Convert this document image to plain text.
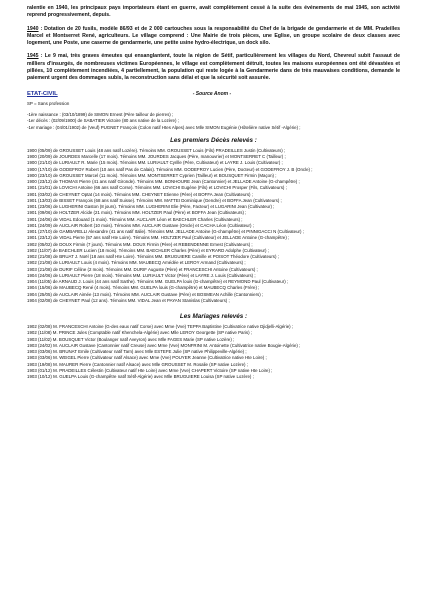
ralentie en 1940, les principaux pays importateurs étant en guerre, avait complètement cessé à la suite des événements de mai 1945, son activité reprend progressivement, depuis.

1940 : Dotation de 20 fusils, modèle 86/93 et de 2 000 cartouches sous la responsabilité du Chef de la brigade de gendarmerie et de MM. Pradeilles Marcel et Montserret René, agriculteurs. Le village comprend : Une Mairie de trois pièces, une Eglise, un groupe scolaire de deux classes avec logement, une Poste, une caserne de gendarmerie, une petite usine hydro-électrique, un dock silo.

1945 : Le 9 mai, très graves émeutes qui ensanglantent, toute la région de Sétif, particulièrement les villages du Nord, Chevreul subit l'assaut de milliers d'insurgés, de nombreuses victimes Européennes, le village est complètement détruit, toutes les maisons européennes ont été dévastées et pillées, 10 complètement incendiées, 4 partiellement, la population qui reste logée à la Gendarmerie dans de très mauvaises conditions, demande le paiement urgent des dommages subis, la reconstruction sans délai et que la sécurité soit assurée.

ETAT-CIVIL	- Source Anom -

SP = Sans profession

-1ère naissance : (03/10/1899) de SIMON Ernest (Père tailleur de pierres) ;

-1er décès : (02/09/1900) de SABATIER Victoire (80 ans native de la Lozère) ;

-1er mariage : (04/01/1902) de (Veuf) PUGNET François (Colon natif Htes Alpes) avec Mlle SIMON Eugénie (Hôtelière native Sétif -Algérie) ;

Les premiers Décès relevés :

1900 (05/09) de GROUSSET Louis (48 ans natif Lozère). Témoins MM. GROUSSET Louis (Fils) PRADEILLES Justin (Cultivateurs) ;

1900 (20/09) de JOURDES Marcelle (17 mois). Témoins MM. JOURDES Jacques (Père, manouvrier) et MONTSERRET C (Tailleur) ;

1900 (21/10) de LURIAULT R. Marie (15 mois). Témoins MM. LURIAULT Cyrille (Père, Cultivateur) et LAYRE J. Louis (Cultivateur) ;

1900 (17/10) de GODEFROY Robert (10 ans natif Pas de Calais). Témoins MM. GODEFROY Lucien (Père, Docteur) et GODEFROY J. B (Oncle) ;

1900 (23/10) de GROUSSET Marcel (11 mois). Témoins MM. MONTSERRET Cyprien (Tailleur) et BOUSQUET Firmin (Maçon) ;

1900 (23/12) de THOMAS Pierre (41 ans natif Gironde). Témoins MM. BONHOURE Jean (Cantonnier) et JELLADE Antoine (G-champêtre) ;

1901 (21/01) de LOVICHI Antoine (66 ans natif Corse). Témoins MM. LOVICHI Eugène (Fils) et LOVICHI Prosper (Fils, Cultivateurs) ;

1901 (03/02) de CHEYNET Optat (14 mois). Témoins MM. CHEYNET Etienne (Père) et BOFFA Jean (Cultivateurs) ;

1901 (13/03) de BISSET François (68 ans natif Suisse). Témoins MM. MATTEI Dominique (Gendre) et BOFFA Jean (Cultivateurs) ;

1901 (23/06) de LUGHERINI Gaston (8 jours). Témoins MM. LUGHERINI Elie (Père, Facteur) et LUGARINI Jean (Cultivateur) ;

1901 (09/06) de HOLTZER Alcide (21 mois). Témoins MM. HOLTZER Paul (Père) et BOFFA Jean (Cultivateurs) ;

1901 (24/06) de VIDAL Edouard (1 mois). Témoins MM. AUCLAIR Léon et BAECHLER Charles (Cultivateurs) ;

1901 (24/09) de AUCLAIR Robert (10 mois). Témoins MM. AUCLAIR Gustave (Oncle) et CACHA Léon (Cultivateur) ;

1901 (27/10) de GAMBARELLI Alexandre (41 ans natif Italie). Témoins MM. JELLADE Antoine (G-champêtre) et PINNIGACCI N (Cultivateur) ;

1901 (23/12) de VIDAL Pierre (57 ans natif Hte Loire). Témoins MM. HOLTZER Paul (Cultivateur) et JELLADE Antoine (G-champêtre) ;

1902 (05/02) de DOUX Firmin (7 jours). Témoins MM. DOUX Firmin (Père) et REBENDENNE Ernest (Cultivateurs) ;

1902 (11/07) de BAECHLER Lucien (18 mois). Témoins MM. BAECHLER Charles (Père) et EYRARD Adolphe (Cultivateur) ;

1902 (21/08) de BRUAT J. Noël (18 ans natif Hte Loire). Témoins MM. BRUGUIERE Camille et POISOT Théodore (Cultivateurs) ;

1902 (21/08) de LURIAULT Louis (4 mois). Témoins MM. MAUBECQ Amédée et LEROY Armand (Cultivateurs) ;

1903 (21/08) de DURIF Céline (2 mois). Témoins MM. DURIF Auguste (Père) et FRANCESCHI Antoine (Cultivateurs) ;

1904 (24/06) de LURIAULT Pierre (18 mois). Témoins MM. LURIAULT Victor (Père) et LAYRE J. Louis (Cultivateurs) ;

1904 (11/05) de ARNAUD J. Louis (44 ans natif Sarthe). Témoins MM. GUELPA louis (G-champêtre) et REYMOND Paul (Cultivateur) ;

1904 (15/06) de MAUBECQ René (4 mois). Témoins MM. GUELPA louis (G-champêtre) et MAUBECQ Charles (Frère) ;

1904 (25/05) de AUCLAIR Aimée (13 mois). Témoins MM. AUCLAIR Gustave (Père) et BOSMEAN Achille (Cantonniers) ;

1904 (02/08) de CHEYNET Paul (12 ans). Témoins MM. VIDAL Jean et PAYAN Stanislas (Cultivateurs) ;

Les Mariages relevés :

1902 (02/08) M. FRANCESCHI Antoine (G-des eaux natif Corse) avec Mme (Vve) TEPPA Baptistine (Cultivatrice native Djidjelli-Algérie) ;

1902 (11/08) M. PRINCE Jules (Comptable natif Khenchela-Algérie) avec Mlle LEROY Georgette (SP native Paris) ;

1903 (11/02) M. BOUSQUET Victor (Boulanger natif Aveyron) avec Mlle FAGES Marie (SP native Lozère) ;

1903 (24/02) M. AUCLAIR Gustave (Cantonnier natif Creuse) avec Mme (Vve) MONFRINI M. Antoinette (Cultivatrice native Bougie-Algérie) ;

1903 (03/06) M. BRUNAT Emile (Cultivateur natif Tarn) avec Mlle ESTEFE Julie (SP native Philippeville-Algérie) ;

1903 (03/06) M. WEIGEL Pierre (Cultivateur natif Alsace) avec Mme (Vve) POUYER Jeanne (Cultivatrice native Hte Loire) ;

1903 (19/08) M. MAURER Pierre (Cantonnier natif Alsace) avec Mlle GROUSSET M. Rosalie (SP native Lozère) ;

1903 (01/12) M. PRADEILLES Célestin (Cultivateur natif Hte Loire) avec Mme (Vve) CHAPERT Victoire (SP native Hte Loire) ;

1903 (10/12) M. GUELPA Louis (G-champêtre natif Sétif-Algérie) avec Mlle BRUGUIERE Louisa (SP native Lozère) ;
